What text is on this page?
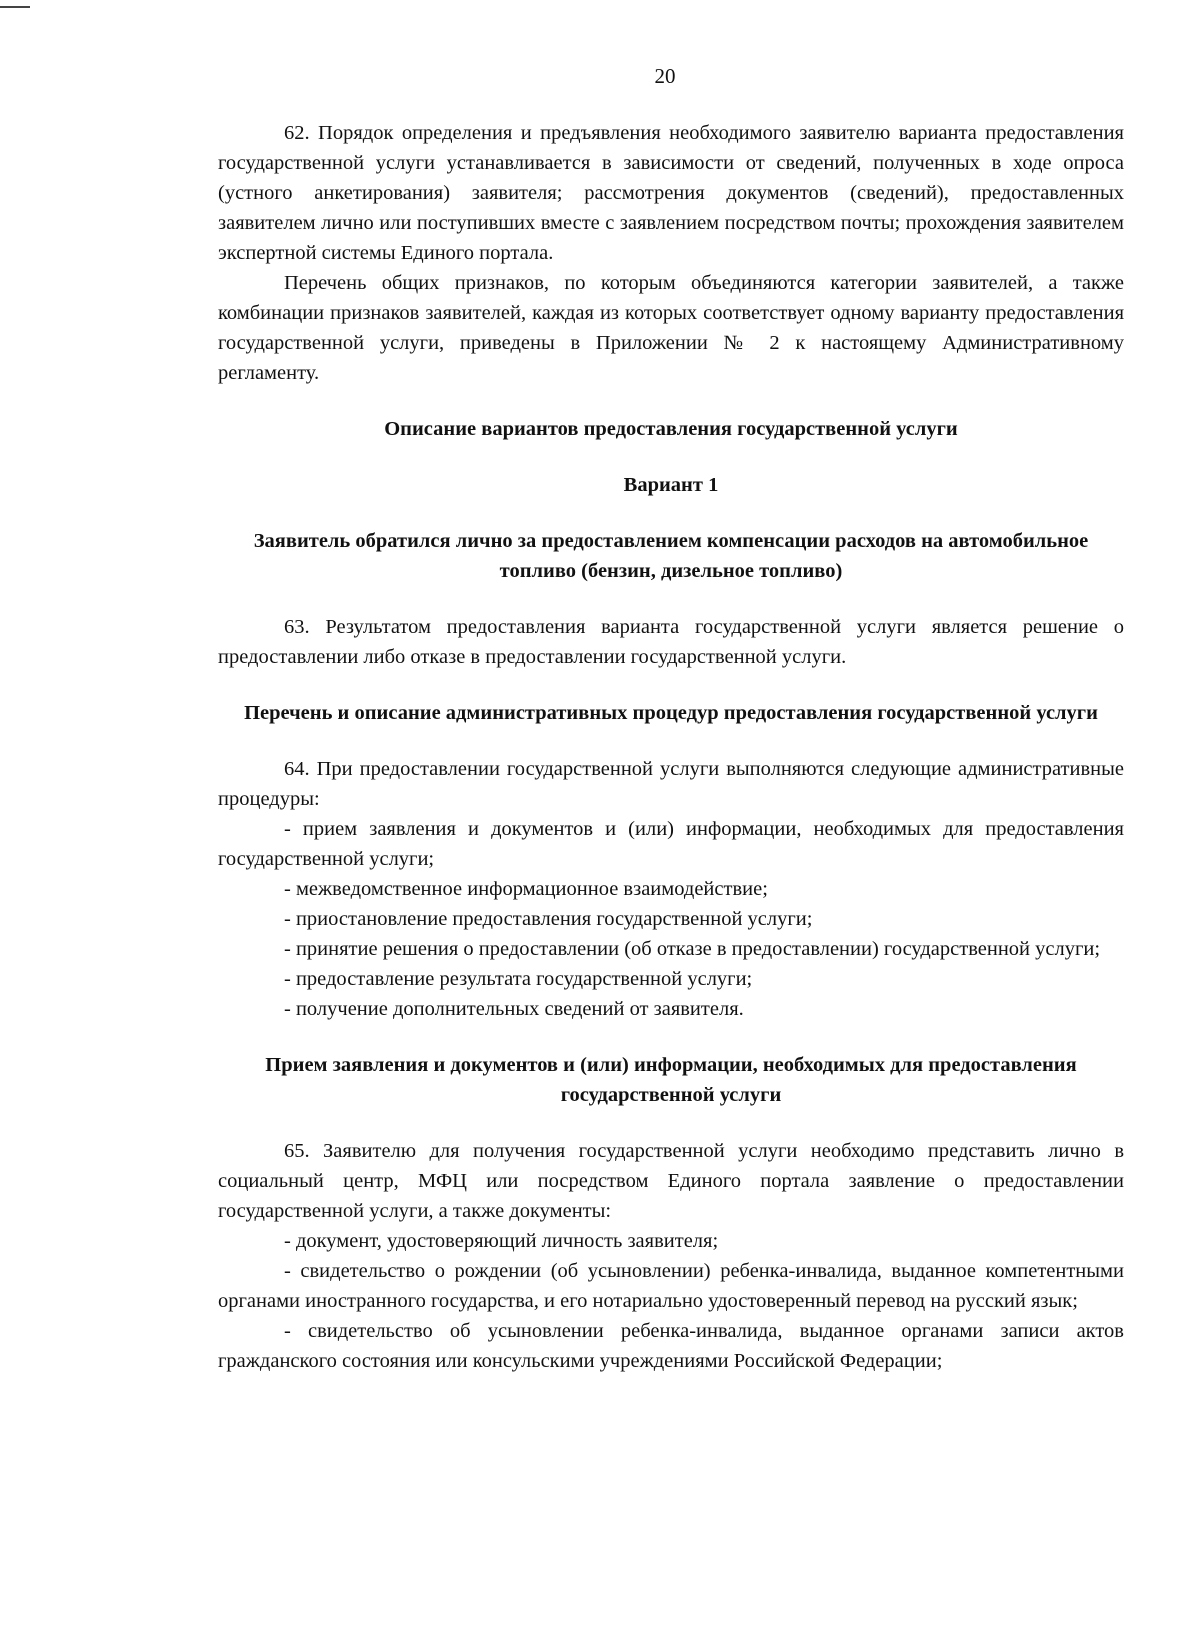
20

62. Порядок определения и предъявления необходимого заявителю варианта предоставления государственной услуги устанавливается в зависимости от сведений, полученных в ходе опроса (устного анкетирования) заявителя; рассмотрения документов (сведений), предоставленных заявителем лично или поступивших вместе с заявлением посредством почты; прохождения заявителем экспертной системы Единого портала.

Перечень общих признаков, по которым объединяются категории заявителей, а также комбинации признаков заявителей, каждая из которых соответствует одному варианту предоставления государственной услуги, приведены в Приложении № 2 к настоящему Административному регламенту.

Описание вариантов предоставления государственной услуги
Вариант 1
Заявитель обратился лично за предоставлением компенсации расходов на автомобильное топливо (бензин, дизельное топливо)

63. Результатом предоставления варианта государственной услуги является решение о предоставлении либо отказе в предоставлении государственной услуги.

Перечень и описание административных процедур предоставления государственной услуги

64. При предоставлении государственной услуги выполняются следующие административные процедуры:

- прием заявления и документов и (или) информации, необходимых для предоставления государственной услуги;

- межведомственное информационное взаимодействие;

- приостановление предоставления государственной услуги;

- принятие решения о предоставлении (об отказе в предоставлении) государственной услуги;

- предоставление результата государственной услуги;

- получение дополнительных сведений от заявителя.

Прием заявления и документов и (или) информации, необходимых для предоставления государственной услуги

65. Заявителю для получения государственной услуги необходимо представить лично в социальный центр, МФЦ или посредством Единого портала заявление о предоставлении государственной услуги, а также документы:

- документ, удостоверяющий личность заявителя;

- свидетельство о рождении (об усыновлении) ребенка-инвалида, выданное компетентными органами иностранного государства, и его нотариально удостоверенный перевод на русский язык;

- свидетельство об усыновлении ребенка-инвалида, выданное органами записи актов гражданского состояния или консульскими учреждениями Российской Федерации;
